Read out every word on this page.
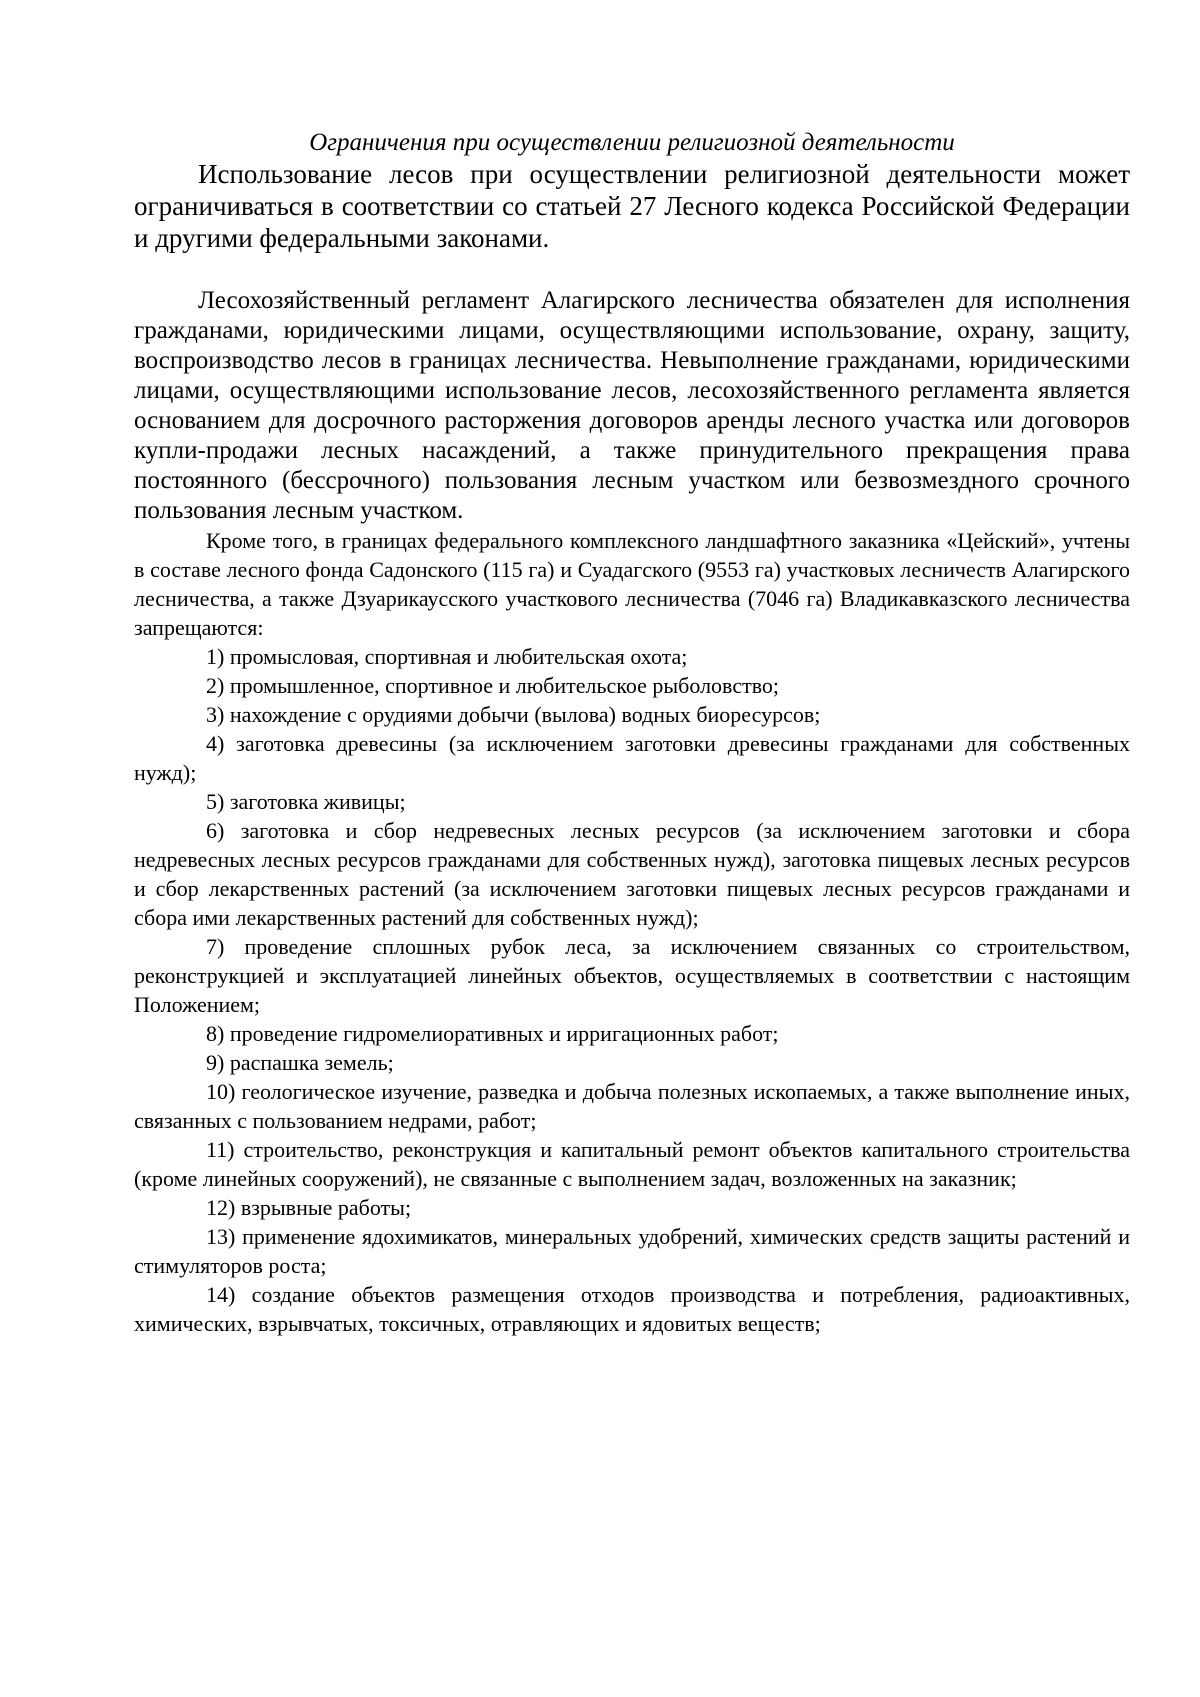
Ограничения при осуществлении религиозной деятельности

Использование лесов при осуществлении религиозной деятельности может ограничиваться в соответствии со статьей 27 Лесного кодекса Российской Федерации и другими федеральными законами.

Лесохозяйственный регламент Алагирского лесничества обязателен для исполнения гражданами, юридическими лицами, осуществляющими использование, охрану, защиту, воспроизводство лесов в границах лесничества. Невыполнение гражданами, юридическими лицами, осуществляющими использование лесов, лесохозяйственного регламента является основанием для досрочного расторжения договоров аренды лесного участка или договоров купли-продажи лесных насаждений, а также принудительного прекращения права постоянного (бессрочного) пользования лесным участком или безвозмездного срочного пользования лесным участком.

Кроме того, в границах федерального комплексного ландшафтного заказника «Цейский», учтены в составе лесного фонда Садонского (115 га) и Суадагского (9553 га) участковых лесничеств Алагирского лесничества, а также Дзуарикаусского участкового лесничества (7046 га) Владикавказского лесничества запрещаются:

1) промысловая, спортивная и любительская охота;

2) промышленное, спортивное и любительское рыболовство;

3) нахождение с орудиями добычи (вылова) водных биоресурсов;

4) заготовка древесины (за исключением заготовки древесины гражданами для собственных нужд);

5) заготовка живицы;

6) заготовка и сбор недревесных лесных ресурсов (за исключением заготовки и сбора недревесных лесных ресурсов гражданами для собственных нужд), заготовка пищевых лесных ресурсов и сбор лекарственных растений (за исключением заготовки пищевых лесных ресурсов гражданами и сбора ими лекарственных растений для собственных нужд);

7) проведение сплошных рубок леса, за исключением связанных со строительством, реконструкцией и эксплуатацией линейных объектов, осуществляемых в соответствии с настоящим Положением;

8) проведение гидромелиоративных и ирригационных работ;

9) распашка земель;

10) геологическое изучение, разведка и добыча полезных ископаемых, а также выполнение иных, связанных с пользованием недрами, работ;

11) строительство, реконструкция и капитальный ремонт объектов капитального строительства (кроме линейных сооружений), не связанные с выполнением задач, возложенных на заказник;

12) взрывные работы;

13) применение ядохимикатов, минеральных удобрений, химических средств защиты растений и стимуляторов роста;

14) создание объектов размещения отходов производства и потребления, радиоактивных, химических, взрывчатых, токсичных, отравляющих и ядовитых веществ;
